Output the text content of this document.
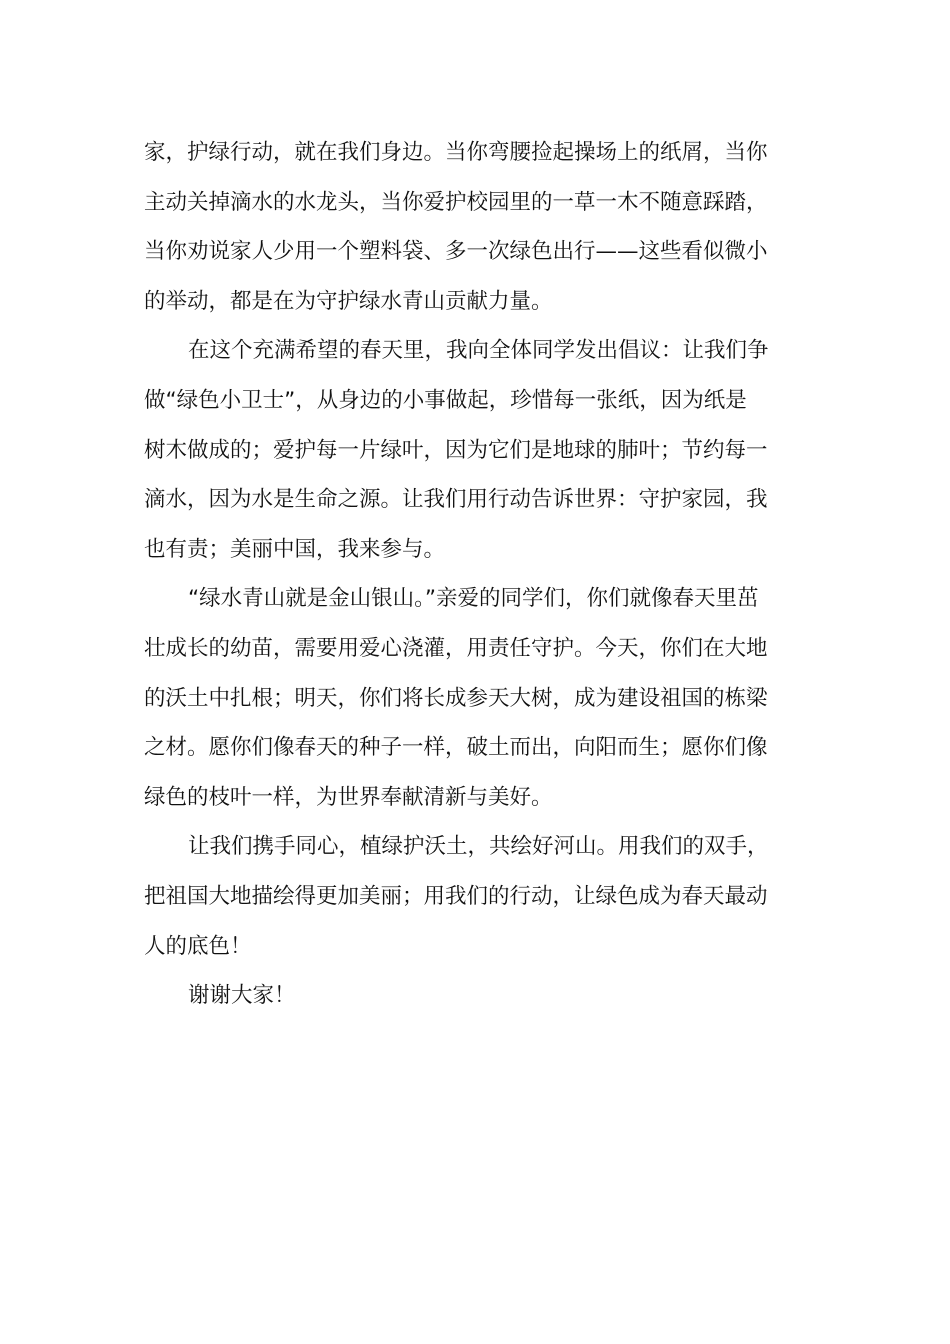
家，护绿行动，就在我们身边。当你弯腰捡起操场上的纸屑，当你
主动关掉滴水的水龙头，当你爱护校园里的一草一木不随意踩踏，
当你劝说家人少用一个塑料袋、多一次绿色出行——这些看似微小
的举动，都是在为守护绿水青山贡献力量。

在这个充满希望的春天里，我向全体同学发出倡议：让我们争
做“绿色小卫士”，从身边的小事做起，珍惜每一张纸，因为纸是
树木做成的；爱护每一片绿叶，因为它们是地球的肺叶；节约每一
滴水，因为水是生命之源。让我们用行动告诉世界：守护家园，我
也有责；美丽中国，我来参与。

“绿水青山就是金山银山。”亲爱的同学们，你们就像春天里茁
壮成长的幼苗，需要用爱心浇灌，用责任守护。今天，你们在大地
的沃土中扎根；明天，你们将长成参天大树，成为建设祖国的栋梁
之材。愿你们像春天的种子一样，破土而出，向阳而生；愿你们像
绿色的枝叶一样，为世界奉献清新与美好。

让我们携手同心，植绿护沃土，共绘好河山。用我们的双手，
把祖国大地描绘得更加美丽；用我们的行动，让绿色成为春天最动
人的底色！

谢谢大家！
